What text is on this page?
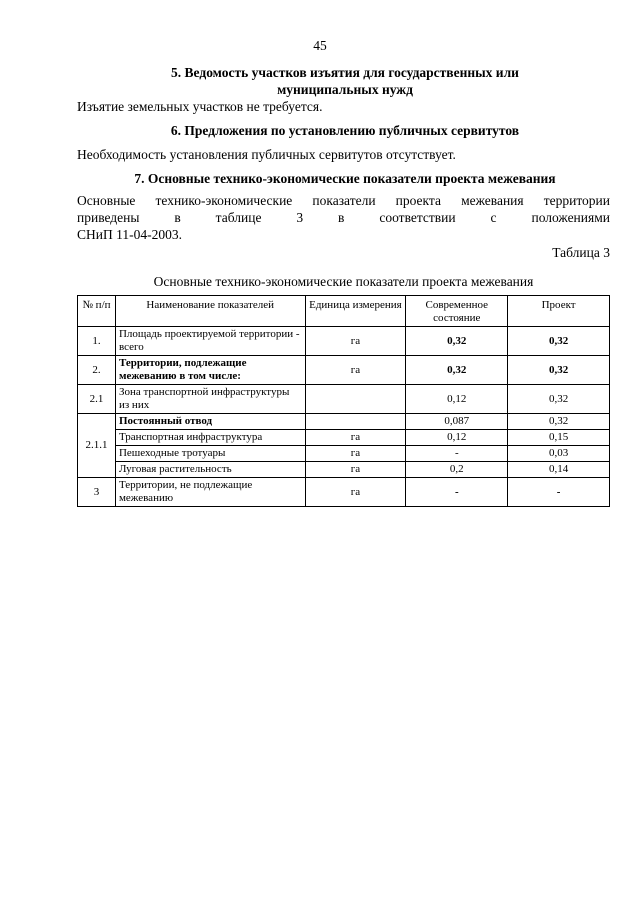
45
5. Ведомость участков изъятия для государственных или
муниципальных нужд
Изъятие земельных участков не требуется.
6. Предложения по установлению публичных сервитутов
Необходимость установления публичных сервитутов отсутствует.
7. Основные технико-экономические показатели проекта межевания
Основные технико-экономические показатели проекта межевания территории
приведены в таблице 3 в соответствии с положениями
СНиП 11-04-2003.
Таблица 3
Основные технико-экономические показатели проекта межевания
№ п/п	Наименование показателей	Единица измерения	Современное состояние	Проект
1.	Площадь проектируемой территории - всего	га	0,32	0,32
2.	Территории, подлежащие межеванию в том числе:	га	0,32	0,32
2.1	Зона транспортной инфраструктуры из них		0,12	0,32
2.1.1	Постоянный отвод		0,087	0,32
	Транспортная инфраструктура	га	0,12	0,15
	Пешеходные тротуары	га	-	0,03
	Луговая растительность	га	0,2	0,14
3	Территории, не подлежащие межеванию	га	-	-
